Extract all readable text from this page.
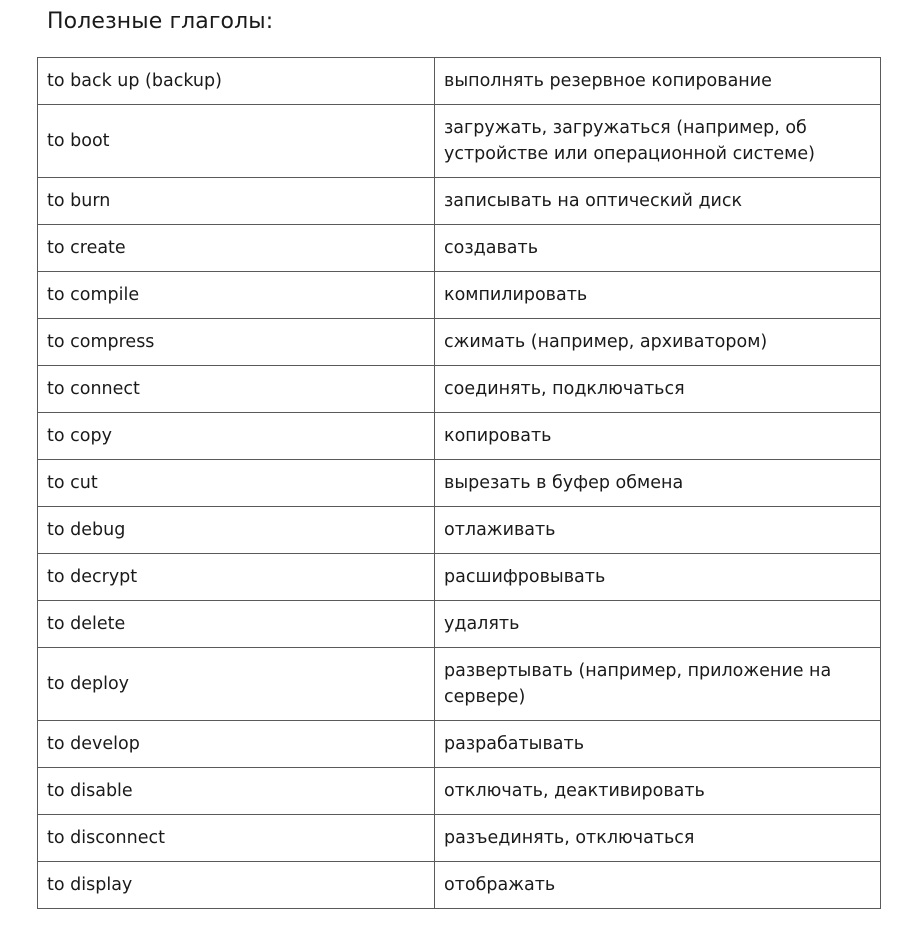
Полезные глаголы:
to back up (backup)	выполнять резервное копирование
to boot	загружать, загружаться (например, об устройстве или операционной системе)
to burn	записывать на оптический диск
to create	создавать
to compile	компилировать
to compress	сжимать (например, архиватором)
to connect	соединять, подключаться
to copy	копировать
to cut	вырезать в буфер обмена
to debug	отлаживать
to decrypt	расшифровывать
to delete	удалять
to deploy	развертывать (например, приложение на сервере)
to develop	разрабатывать
to disable	отключать, деактивировать
to disconnect	разъединять, отключаться
to display	отображать
